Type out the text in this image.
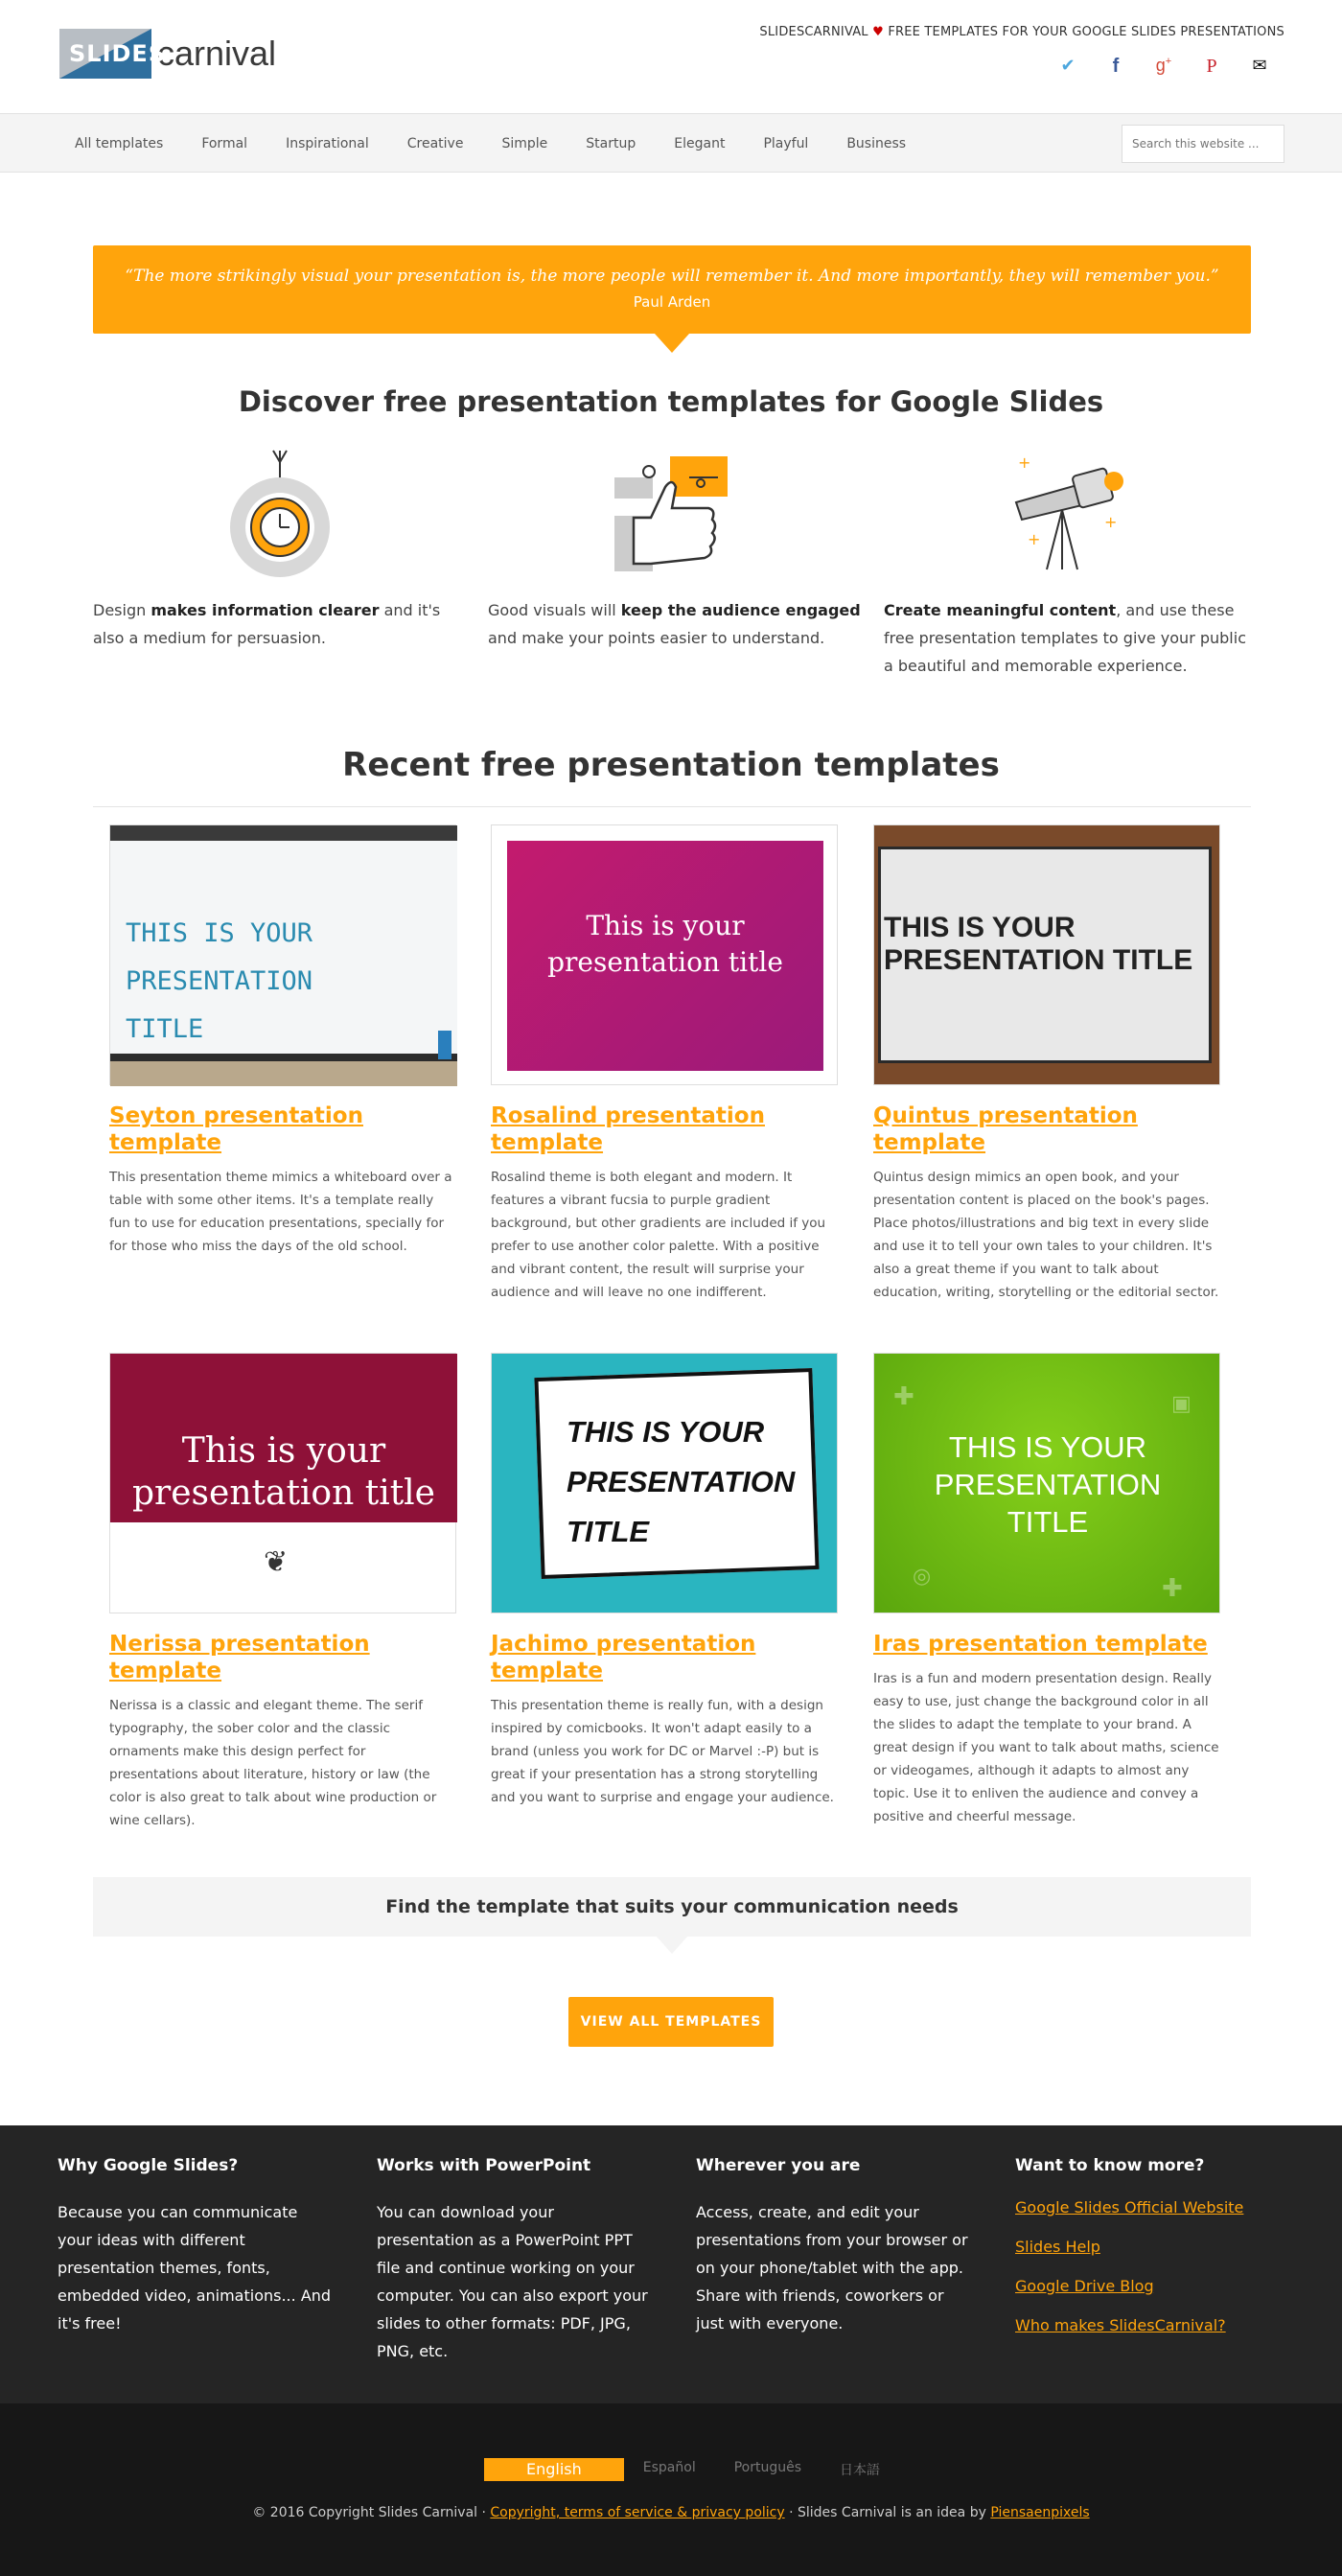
SLIDES
carnival
SLIDESCARNIVAL ♥ FREE TEMPLATES FOR YOUR GOOGLE SLIDES PRESENTATIONS
✔	f	g+ P ✉
All templates	Formal	Inspirational	Creative	Simple	Startup	Elegant	Playful	Business
Search this website ...
“The more strikingly visual your presentation is, the more people will remember it. And more importantly, they will remember you.”
Paul Arden
Discover free presentation templates for Google Slides

Design makes information clearer and it's also a medium for persuasion.

Good visuals will keep the audience engaged and make your points easier to understand.

+
+
+

Create meaningful content, and use these free presentation templates to give your public a beautiful and memorable experience.

Recent free presentation templates
THIS IS YOUR PRESENTATION TITLE
Seyton presentation template

This presentation theme mimics a whiteboard over a table with some other items. It's a template really fun to use for education presentations, specially for for those who miss the days of the old school.

This is your presentation title
Rosalind presentation template

Rosalind theme is both elegant and modern. It features a vibrant fucsia to purple gradient background, but other gradients are included if you prefer to use another color palette. With a positive and vibrant content, the result will surprise your audience and will leave no one indifferent.

THIS IS YOUR PRESENTATION TITLE
Quintus presentation template

Quintus design mimics an open book, and your presentation content is placed on the book's pages. Place photos/illustrations and big text in every slide and use it to tell your own tales to your children. It's also a great theme if you want to talk about education, writing, storytelling or the editorial sector.

This is your presentation title
❦
Nerissa presentation template

Nerissa is a classic and elegant theme. The serif typography, the sober color and the classic ornaments make this design perfect for presentations about literature, history or law (the color is also great to talk about wine production or wine cellars).

THIS IS YOUR PRESENTATION TITLE
Jachimo presentation template

This presentation theme is really fun, with a design inspired by comicbooks. It won't adapt easily to a brand (unless you work for DC or Marvel :-P) but is great if your presentation has a strong storytelling and you want to surprise and engage your audience.

THIS IS YOUR PRESENTATION TITLE
✚	▣
◎	✚
Iras presentation template

Iras is a fun and modern presentation design. Really easy to use, just change the background color in all the slides to adapt the template to your brand. A great design if you want to talk about maths, science or videogames, although it adapts to almost any topic. Use it to enliven the audience and convey a positive and cheerful message.

Find the template that suits your communication needs
VIEW ALL TEMPLATES
Why Google Slides?

Because you can communicate your ideas with different presentation themes, fonts, embedded video, animations... And it's free!

Works with PowerPoint

You can download your presentation as a PowerPoint PPT file and continue working on your computer. You can also export your slides to other formats: PDF, JPG, PNG, etc.

Wherever you are

Access, create, and edit your presentations from your browser or on your phone/tablet with the app. Share with friends, coworkers or just with everyone.

Want to know more?
Google Slides Official Website
Slides Help
Google Drive Blog
Who makes SlidesCarnival?
English	Español	Português	日本語
© 2016 Copyright Slides Carnival · Copyright, terms of service & privacy policy · Slides Carnival is an idea by Piensaenpixels
